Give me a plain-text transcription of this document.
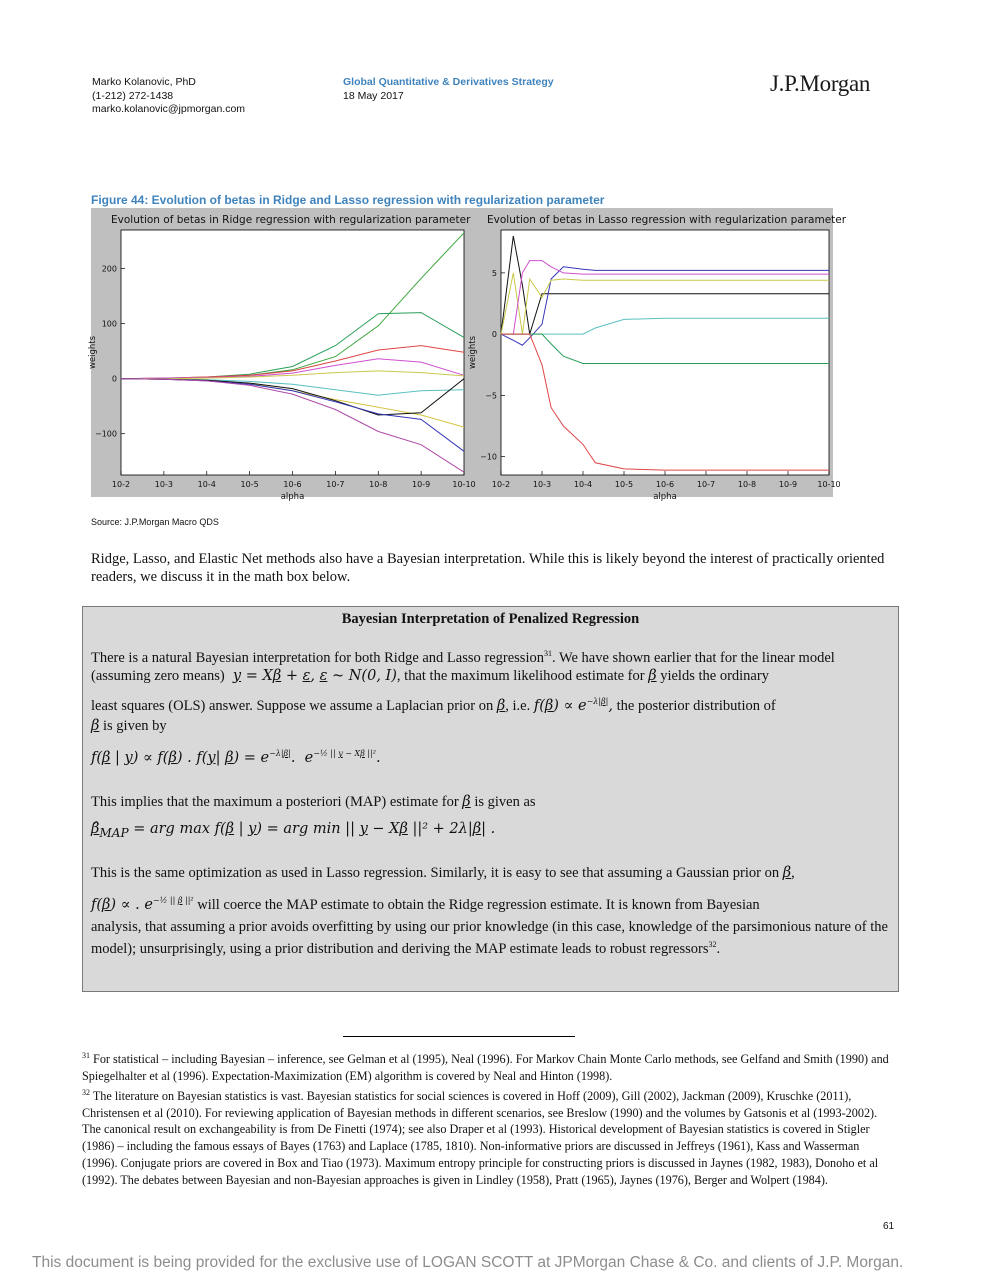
Marko Kolanovic, PhD
(1-212) 272-1438
marko.kolanovic@jpmorgan.com
Global Quantitative & Derivatives Strategy
18 May 2017	J.P.Morgan
Figure 44: Evolution of betas in Ridge and Lasso regression with regularization parameter
Evolution of betas in Ridge regression with regularization parameter
10-2	10-3	10-4	10-5	10-6	10-7	10-8	10-9	10-10
200
100
0
−100
alpha
weights
Evolution of betas in Lasso regression with regularization parameter
10-2	10-3	10-4	10-5	10-6	10-7	10-8	10-9	10-10
5
0
−5
−10
alpha
weights
Source: J.P.Morgan Macro QDS
Ridge, Lasso, and Elastic Net methods also have a Bayesian interpretation. While this is likely beyond the interest of practically oriented readers, we discuss it in the math box below.
Bayesian Interpretation of Penalized Regression
There is a natural Bayesian interpretation for both Ridge and Lasso regression$^{31}$. We have shown earlier that for the linear model (assuming zero means) y = Xβ + ε, ε ~ N(0, I), that the maximum likelihood estimate for β yields the ordinary
least squares (OLS) answer. Suppose we assume a Laplacian prior on β, i.e. $f(\beta) \propto e^{-\lambda|\beta|}$, the posterior distribution of
β is given by
f(β | y) ∝ f(β) . f(y| $\beta) = e^{-\lambda|\beta|}$.  $e^{-\frac{1}{2} || y - X\beta ||^2}$.
This implies that the maximum a posteriori (MAP) estimate for β is given as
$\betâ_{MAP}$ = arg max f(β | y) = arg min || y − Xβ ||² + 2λ|β| .
This is the same optimization as used in Lasso regression. Similarly, it is easy to see that assuming a Gaussian prior on β,
f(β) ∝ . $e^{-\frac{1}{2} || \beta ||^2}$ will coerce the MAP estimate to obtain the Ridge regression estimate. It is known from Bayesian
analysis, that assuming a prior avoids overfitting by using our prior knowledge (in this case, knowledge of the parsimonious nature of the model); unsurprisingly, using a prior distribution and deriving the MAP estimate leads to robust regressors$^{32}$.
$^{31}$ For statistical – including Bayesian – inference, see Gelman et al (1995), Neal (1996). For Markov Chain Monte Carlo methods, see Gelfand and Smith (1990) and Spiegelhalter et al (1996). Expectation-Maximization (EM) algorithm is covered by Neal and Hinton (1998).
$^{32}$ The literature on Bayesian statistics is vast. Bayesian statistics for social sciences is covered in Hoff (2009), Gill (2002), Jackman (2009), Kruschke (2011), Christensen et al (2010). For reviewing application of Bayesian methods in different scenarios, see Breslow (1990) and the volumes by Gatsonis et al (1993-2002). The canonical result on exchangeability is from De Finetti (1974); see also Draper et al (1993). Historical development of Bayesian statistics is covered in Stigler (1986) – including the famous essays of Bayes (1763) and Laplace (1785, 1810). Non-informative priors are discussed in Jeffreys (1961), Kass and Wasserman (1996). Conjugate priors are covered in Box and Tiao (1973). Maximum entropy principle for constructing priors is discussed in Jaynes (1982, 1983), Donoho et al (1992). The debates between Bayesian and non-Bayesian approaches is given in Lindley (1958), Pratt (1965), Jaynes (1976), Berger and Wolpert (1984).
61
This document is being provided for the exclusive use of LOGAN SCOTT at JPMorgan Chase & Co. and clients of J.P. Morgan.
